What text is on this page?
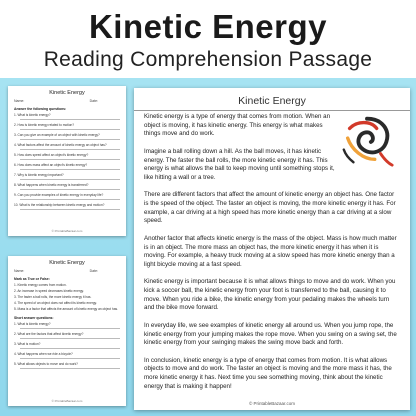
Kinetic Energy
Reading Comprehension Passage
Kinetic Energy
Name:	Date:
Answer the following questions:
1. What is kinetic energy?
2. How is kinetic energy related to motion?
3. Can you give an example of an object with kinetic energy?
4. What factors affect the amount of kinetic energy an object has?
5. How does speed affect an object's kinetic energy?
6. How does mass affect an object's kinetic energy?
7. Why is kinetic energy important?
8. What happens when kinetic energy is transferred?
9. Can you provide examples of kinetic energy in everyday life?
10. What is the relationship between kinetic energy and motion?
© PrintableBazaar.com
Kinetic Energy
Name:	Date:
Mark as True or False:
1. Kinetic energy comes from motion.
2. An increase in speed decreases kinetic energy.
3. The faster a ball rolls, the more kinetic energy it has.
4. The speed of an object does not affect its kinetic energy.
5. Mass is a factor that affects the amount of kinetic energy an object has.
Short answer questions:
1. What is kinetic energy?
2. What are the factors that affect kinetic energy?
3. What is motion?
4. What happens when we ride a bicycle?
5. What allows objects to move and do work?
© PrintableBazaar.com
Kinetic Energy

Kinetic energy is a type of energy that comes from motion. When an object is moving, it has kinetic energy. This energy is what makes things move and do work.

Imagine a ball rolling down a hill. As the ball moves, it has kinetic energy. The faster the ball rolls, the more kinetic energy it has. This energy is what allows the ball to keep moving until something stops it, like hitting a wall or a tree.

There are different factors that affect the amount of kinetic energy an object has. One factor is the speed of the object. The faster an object is moving, the more kinetic energy it has. For example, a car driving at a high speed has more kinetic energy than a car driving at a slow speed.

Another factor that affects kinetic energy is the mass of the object. Mass is how much matter is in an object. The more mass an object has, the more kinetic energy it has when it is moving. For example, a heavy truck moving at a slow speed has more kinetic energy than a light bicycle moving at a fast speed.

Kinetic energy is important because it is what allows things to move and do work. When you kick a soccer ball, the kinetic energy from your foot is transferred to the ball, causing it to move. When you ride a bike, the kinetic energy from your pedaling makes the wheels turn and the bike move forward.

In everyday life, we see examples of kinetic energy all around us. When you jump rope, the kinetic energy from your jumping makes the rope move. When you swing on a swing set, the kinetic energy from your swinging makes the swing move back and forth.

In conclusion, kinetic energy is a type of energy that comes from motion. It is what allows objects to move and do work. The faster an object is moving and the more mass it has, the more kinetic energy it has. Next time you see something moving, think about the kinetic energy that is making it happen!

© PrintableBazaar.com
